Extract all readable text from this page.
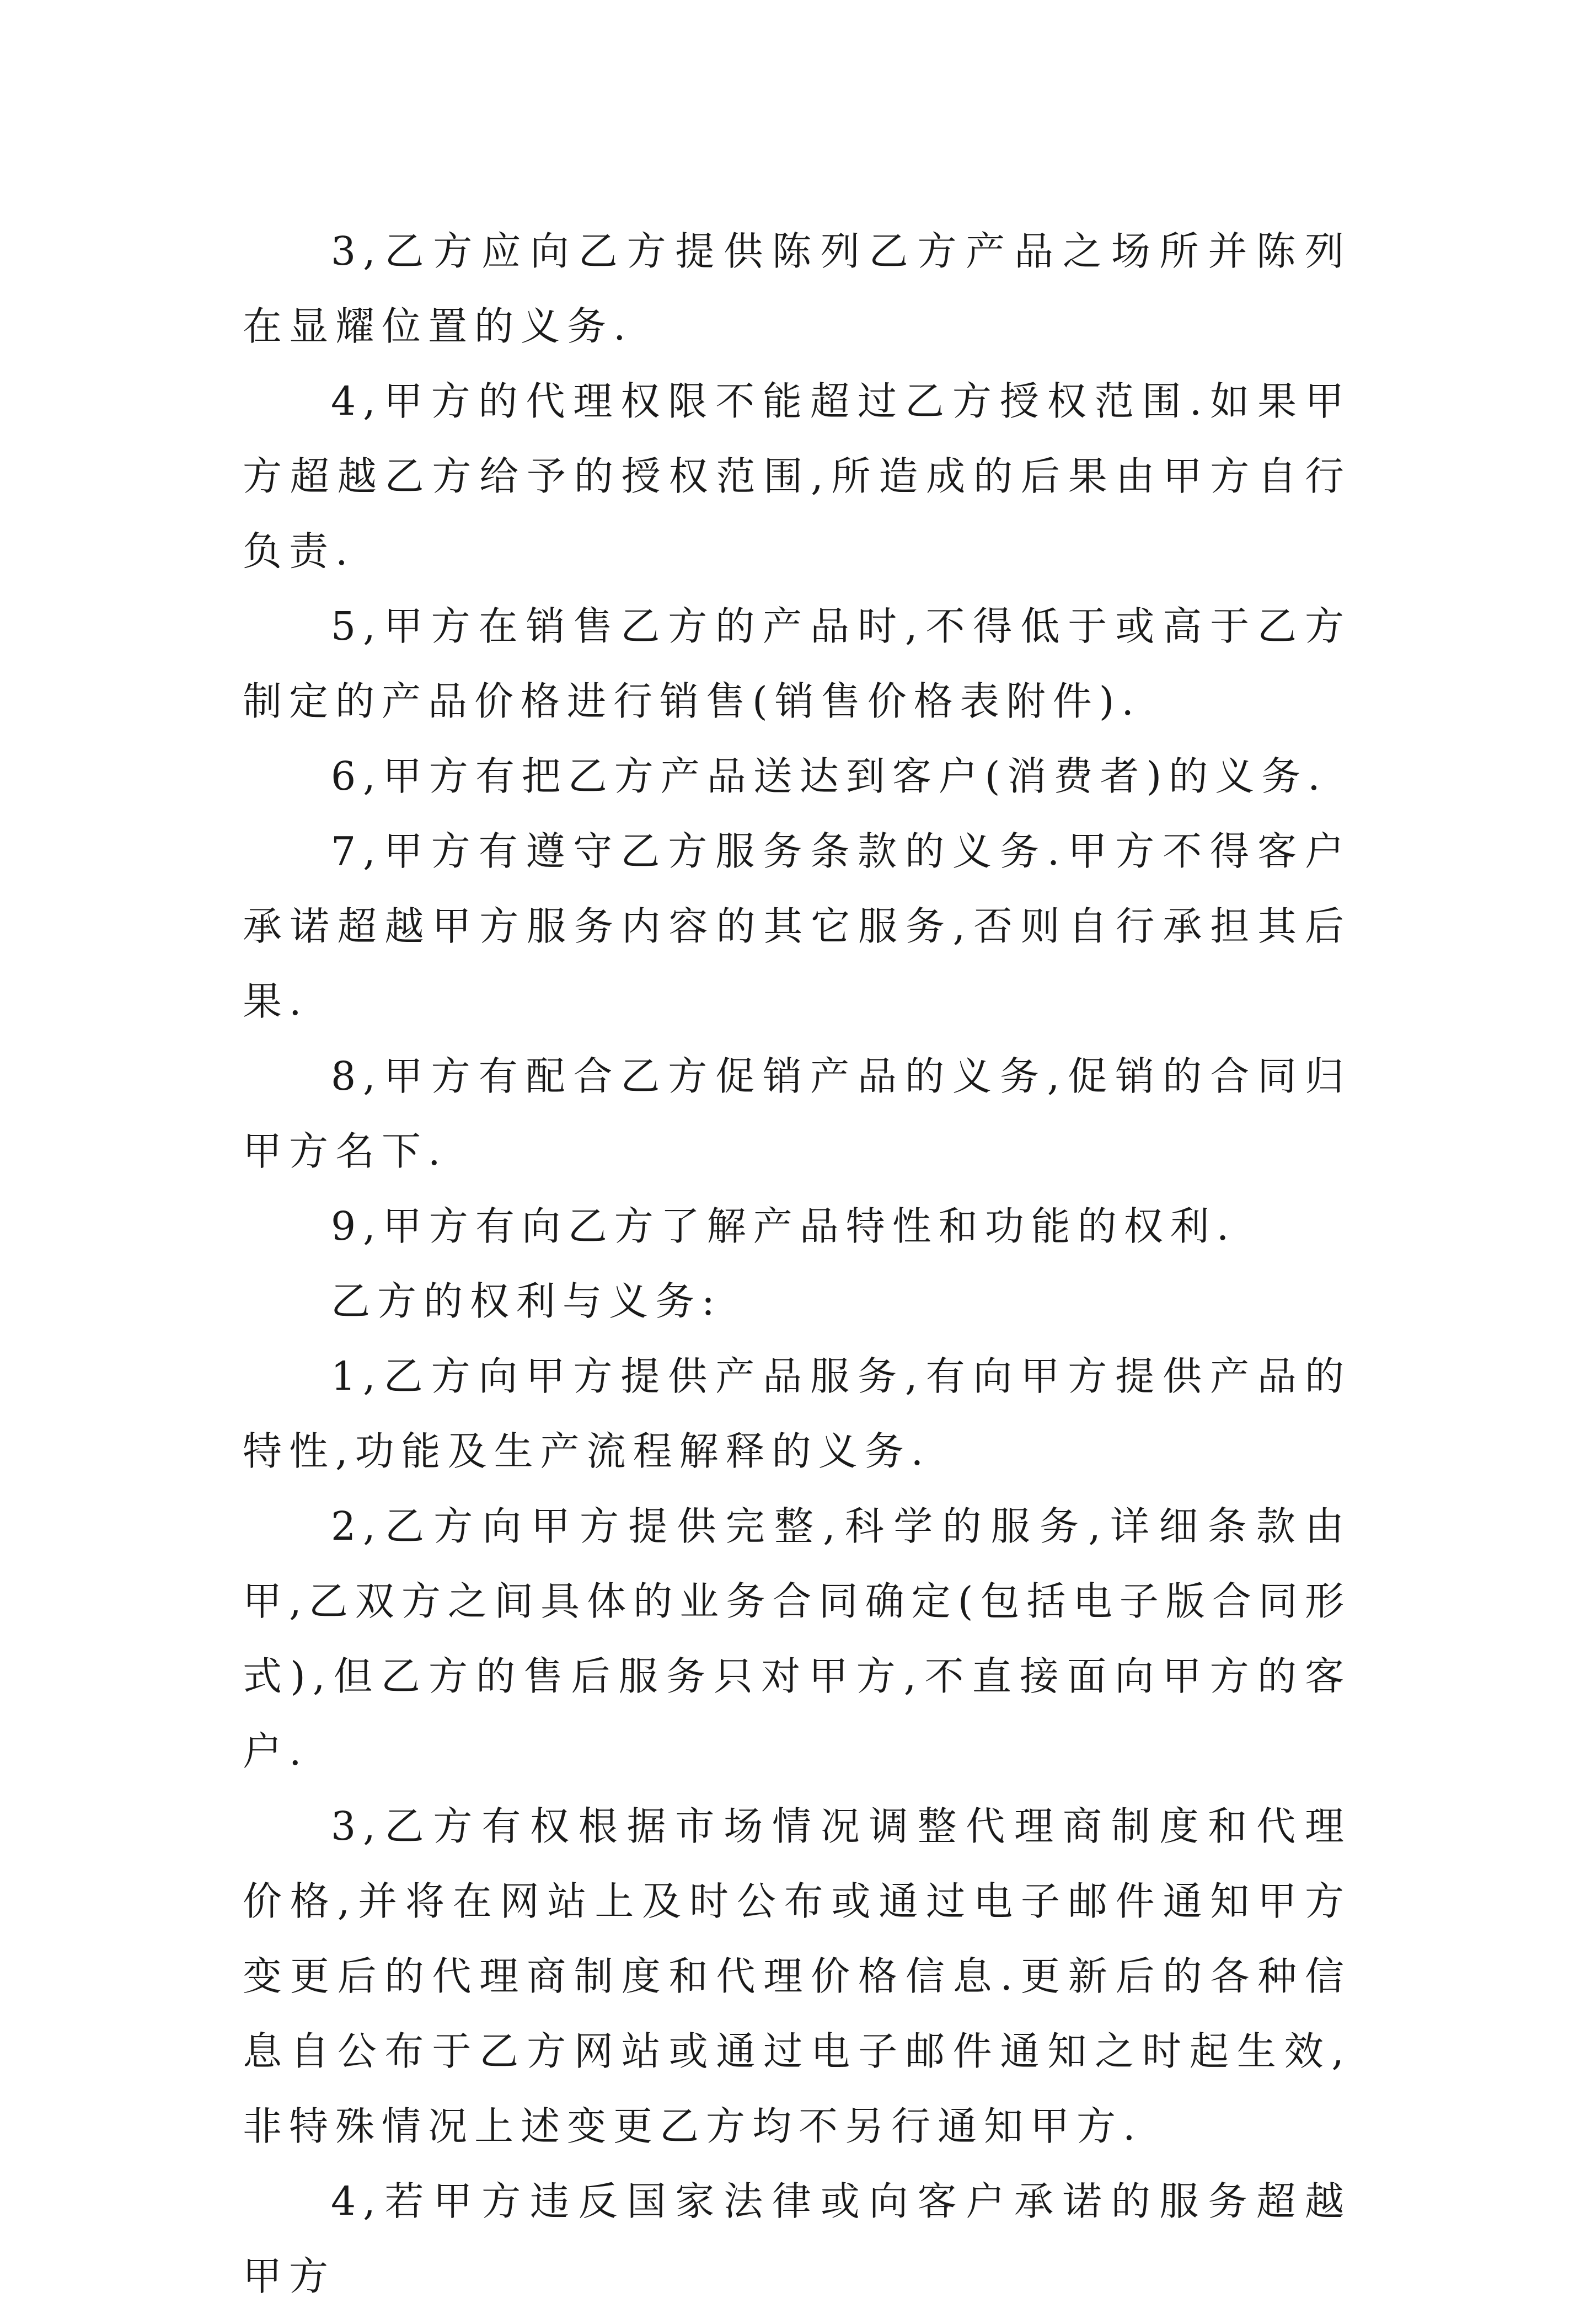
3,乙方应向乙方提供陈列乙方产品之场所并陈列在显耀位置的义务.

4,甲方的代理权限不能超过乙方授权范围.如果甲方超越乙方给予的授权范围,所造成的后果由甲方自行负责.

5,甲方在销售乙方的产品时,不得低于或高于乙方制定的产品价格进行销售(销售价格表附件).

6,甲方有把乙方产品送达到客户(消费者)的义务.

7,甲方有遵守乙方服务条款的义务.甲方不得客户承诺超越甲方服务内容的其它服务,否则自行承担其后果.

8,甲方有配合乙方促销产品的义务,促销的合同归甲方名下.

9,甲方有向乙方了解产品特性和功能的权利.

乙方的权利与义务:

1,乙方向甲方提供产品服务,有向甲方提供产品的特性,功能及生产流程解释的义务.

2,乙方向甲方提供完整,科学的服务,详细条款由甲,乙双方之间具体的业务合同确定(包括电子版合同形式),但乙方的售后服务只对甲方,不直接面向甲方的客户.

3,乙方有权根据市场情况调整代理商制度和代理价格,并将在网站上及时公布或通过电子邮件通知甲方变更后的代理商制度和代理价格信息.更新后的各种信息自公布于乙方网站或通过电子邮件通知之时起生效,非特殊情况上述变更乙方均不另行通知甲方.

4,若甲方违反国家法律或向客户承诺的服务超越甲方
